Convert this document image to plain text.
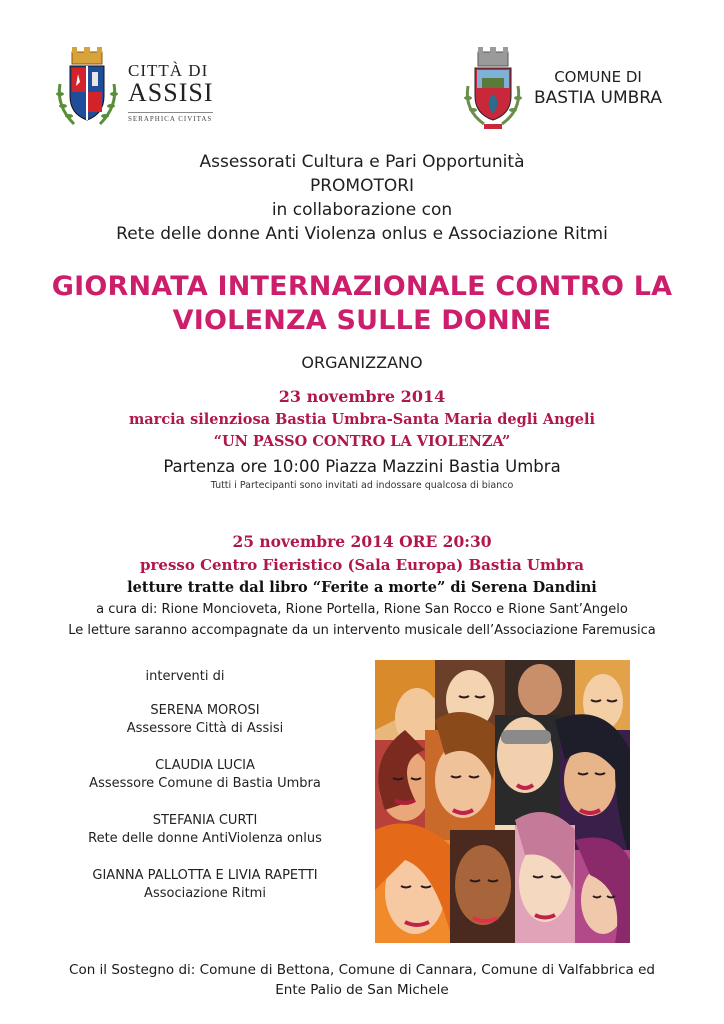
CITTÀ DI
ASSISI
SERAPHICA CIVITAS
COMUNE DI
BASTIA UMBRA
Assessorati Cultura e Pari Opportunità
PROMOTORI
in collaborazione con
Rete delle donne Anti Violenza onlus e Associazione Ritmi
GIORNATA INTERNAZIONALE CONTRO LA
VIOLENZA SULLE DONNE
ORGANIZZANO
23 novembre 2014
marcia silenziosa Bastia Umbra-Santa Maria degli Angeli
“UN PASSO CONTRO LA VIOLENZA”
Partenza ore 10:00 Piazza Mazzini Bastia Umbra
Tutti i Partecipanti sono invitati ad indossare qualcosa di bianco
25 novembre 2014 ORE 20:30
presso Centro Fieristico (Sala Europa) Bastia Umbra
letture tratte dal libro “Ferite a morte” di Serena Dandini
a cura di: Rione Moncioveta, Rione Portella, Rione San Rocco e Rione Sant’Angelo
Le letture saranno accompagnate da un intervento musicale dell’Associazione Faremusica
interventi di
SERENA MOROSI
Assessore Città di Assisi
CLAUDIA LUCIA
Assessore Comune di Bastia Umbra
STEFANIA CURTI
Rete delle donne AntiViolenza onlus
GIANNA PALLOTTA E LIVIA RAPETTI
Associazione Ritmi
Con il Sostegno di: Comune di Bettona, Comune di Cannara, Comune di Valfabbrica ed
Ente Palio de San Michele
